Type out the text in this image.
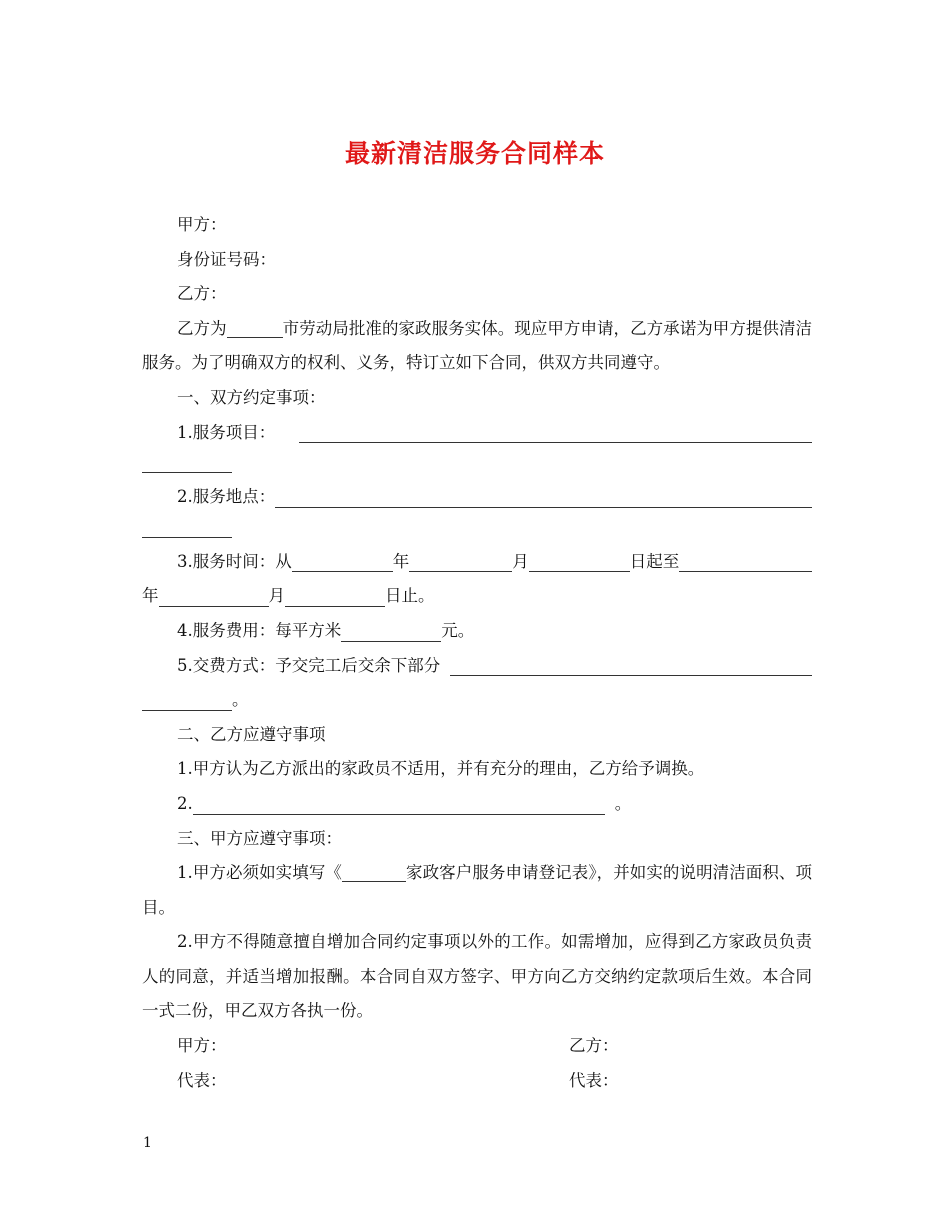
最新清洁服务合同样本

甲方：

身份证号码：

乙方：

乙方为	市劳动局批准的家政服务实体。现应甲方申请，乙方承诺为甲方提供清洁服务。为了明确双方的权利、义务，特订立如下合同，供双方共同遵守。

一、双方约定事项：

1.服务项目：
2.服务地点：
3.服务时间：从	年	月	日起至
年	月	日止。
4.服务费用：每平方米	元。
5.交费方式：予交完工后交余下部分
。

二、乙方应遵守事项

1.甲方认为乙方派出的家政员不适用，并有充分的理由，乙方给予调换。

2.	。

三、甲方应遵守事项：

1.甲方必须如实填写《	家政客户服务申请登记表》，并如实的说明清洁面积、项目。

2.甲方不得随意擅自增加合同约定事项以外的工作。如需增加，应得到乙方家政员负责人的同意，并适当增加报酬。本合同自双方签字、甲方向乙方交纳约定款项后生效。本合同一式二份，甲乙双方各执一份。

甲方：	乙方：
代表：	代表：
1
